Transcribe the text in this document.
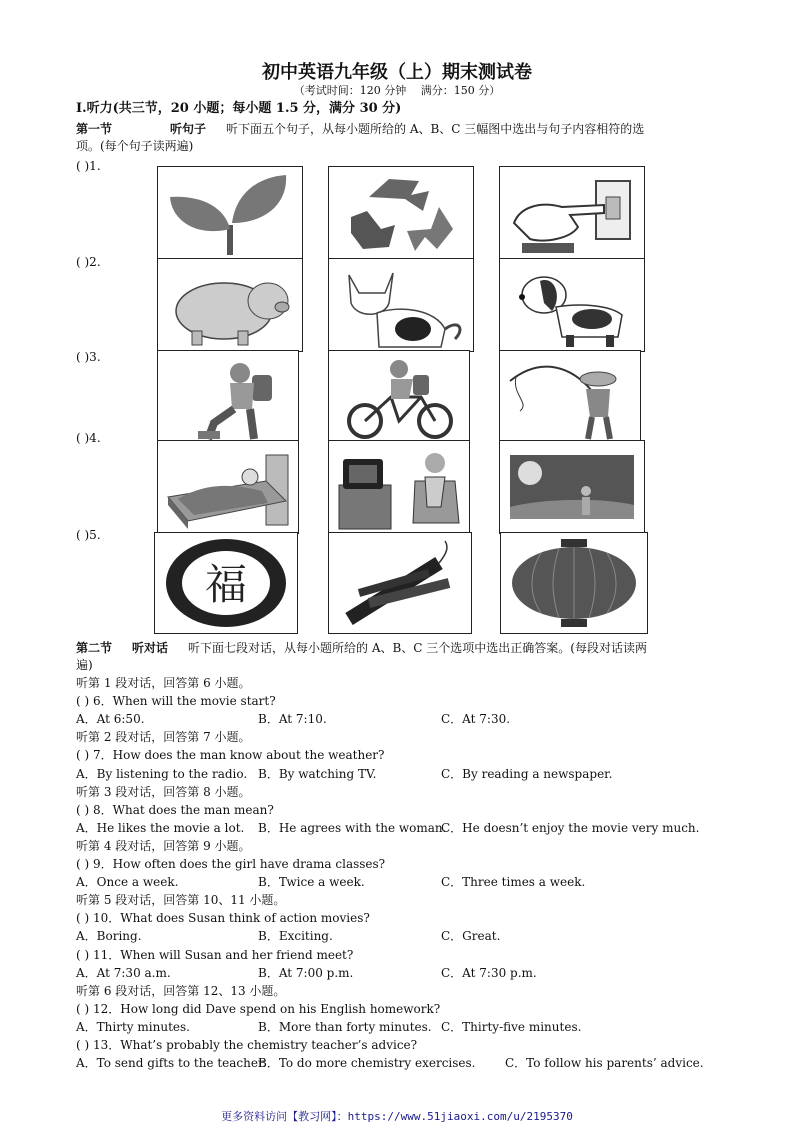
初中英语九年级（上）期末测试卷
（考试时间：120 分钟　 满分：150 分）
Ⅰ.听力(共三节，20 小题；每小题 1.5 分，满分 30 分)
第一节	听句子 听下面五个句子，从每小题所给的 A、B、C 三幅图中选出与句子内容相符的选
项。(每个句子读两遍)
( )1.
( )2.
( )3.
( )4.
( )5.
福
第二节 听对话 听下面七段对话，从每小题所给的 A、B、C 三个选项中选出正确答案。(每段对话读两
遍)
听第 1 段对话，回答第 6 小题。
( ) 6．When will the movie start?
A．At 6:50.	B．At 7:10.	C．At 7:30.
听第 2 段对话，回答第 7 小题。
( ) 7．How does the man know about the weather?
A．By listening to the radio. B．By watching TV.	C．By reading a newspaper.
听第 3 段对话，回答第 8 小题。
( ) 8．What does the man mean?
A．He likes the movie a lot. B．He agrees with the woman.
C．He doesn’t enjoy the movie very much.
听第 4 段对话，回答第 9 小题。
( ) 9．How often does the girl have drama classes?
A．Once a week.	B．Twice a week.	C．Three times a week.
听第 5 段对话，回答第 10、11 小题。
( ) 10．What does Susan think of action movies?
A．Boring.	B．Exciting.	C．Great.
( ) 11．When will Susan and her friend meet?
A．At 7:30 a.m.	B．At 7:00 p.m.	C．At 7:30 p.m.
听第 6 段对话，回答第 12、13 小题。
( ) 12．How long did Dave spend on his English homework?
A．Thirty minutes.	B．More than forty minutes. C．Thirty-five minutes.
( ) 13．What’s probably the chemistry teacher’s advice?
A．To send gifts to the teacher.
B．To do more chemistry exercises. C．To follow his parents’ advice.
更多资料访问【教习网】：https://www.51jiaoxi.com/u/2195370
